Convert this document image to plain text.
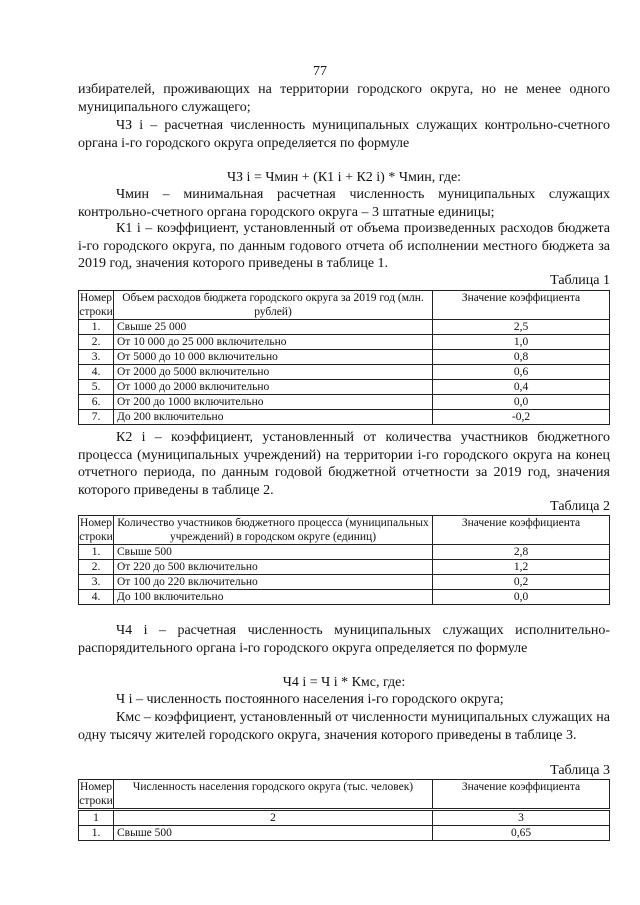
77

избирателей, проживающих на территории городского округа, но не менее одного муниципального служащего;

ЧЗ i – расчетная численность муниципальных служащих контрольно-счетного органа i-го городского округа определяется по формуле

ЧЗ i = Чмин + (К1 i + К2 i) * Чмин, где:

Чмин – минимальная расчетная численность муниципальных служащих контрольно-счетного органа городского округа – 3 штатные единицы;

К1 i – коэффициент, установленный от объема произведенных расходов бюджета i-го городского округа, по данным годового отчета об исполнении местного бюджета за 2019 год, значения которого приведены в таблице 1.

Таблица 1
Номер строки	Объем расходов бюджета городского округа за 2019 год (млн. рублей)	Значение коэффициента
1.	Свыше 25 000	2,5
2.	От 10 000 до 25 000 включительно	1,0
3.	От 5000 до 10 000 включительно	0,8
4.	От 2000 до 5000 включительно	0,6
5.	От 1000 до 2000 включительно	0,4
6.	От 200 до 1000 включительно	0,0
7.	До 200 включительно	-0,2

К2 i – коэффициент, установленный от количества участников бюджетного процесса (муниципальных учреждений) на территории i-го городского округа на конец отчетного периода, по данным годовой бюджетной отчетности за 2019 год, значения которого приведены в таблице 2.

Таблица 2
Номер строки	Количество участников бюджетного процесса (муниципальных учреждений) в городском округе (единиц)	Значение коэффициента
1.	Свыше 500	2,8
2.	От 220 до 500 включительно	1,2
3.	От 100 до 220 включительно	0,2
4.	До 100 включительно	0,0

Ч4 i – расчетная численность муниципальных служащих исполнительно-распорядительного органа i-го городского округа определяется по формуле

Ч4 i = Ч i * Кмс, где:

Ч i – численность постоянного населения i-го городского округа;

Кмс – коэффициент, установленный от численности муниципальных служащих на одну тысячу жителей городского округа, значения которого приведены в таблице 3.

Таблица 3
Номер строки	Численность населения городского округа (тыс. человек)	Значение коэффициента
1	2	3
1.	Свыше 500	0,65
